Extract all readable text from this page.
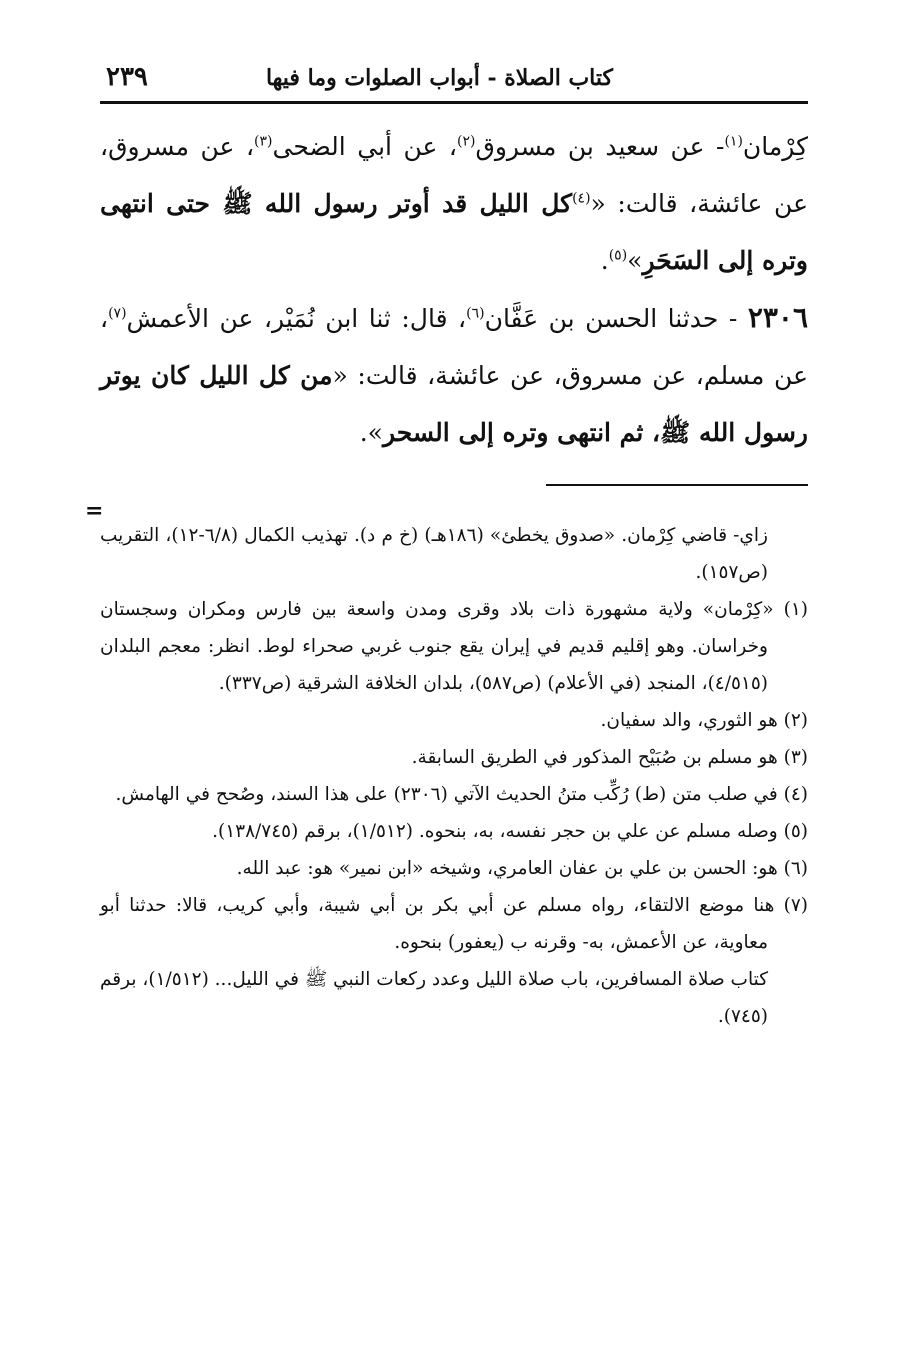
كتاب الصلاة - أبواب الصلوات وما فيها
٢٣٩

كِرْمان$^{(١)}$- عن سعيد بن مسروق$^{(٢)}$، عن أبي الضحى$^{(٣)}$، عن مسروق، عن عائشة، قالت: «$^{(٤)}$كل الليل قد أوتر رسول الله ﷺ حتى انتهى وتره إلى السَحَرِ»$^{(٥)}$.

٢٣٠٦ - حدثنا الحسن بن عَفَّان$^{(٦)}$، قال: ثنا ابن نُمَيْر، عن الأعمش$^{(٧)}$، عن مسلم، عن مسروق، عن عائشة، قالت: «من كل الليل كان يوتر رسول الله ﷺ، ثم انتهى وتره إلى السحر».

=

زاي- قاضي كِرْمان. «صدوق يخطئ» (١٨٦هـ) (خ م د). تهذيب الكمال (٦/٨-١٢)، التقريب (ص١٥٧).

(١) «كِرْمان» ولاية مشهورة ذات بلاد وقرى ومدن واسعة بين فارس ومكران وسجستان وخراسان. وهو إقليم قديم في إيران يقع جنوب غربي صحراء لوط. انظر: معجم البلدان (٤/٥١٥)، المنجد (في الأعلام) (ص٥٨٧)، بلدان الخلافة الشرقية (ص٣٣٧).

(٢) هو الثوري، والد سفيان.

(٣) هو مسلم بن صُبَيْح المذكور في الطريق السابقة.

(٤) في صلب متن (ط) رُكِّب متنُ الحديث الآتي (٢٣٠٦) على هذا السند، وصُحح في الهامش.

(٥) وصله مسلم عن علي بن حجر نفسه، به، بنحوه. (١/٥١٢)، برقم (١٣٨/٧٤٥).

(٦) هو: الحسن بن علي بن عفان العامري، وشيخه «ابن نمير» هو: عبد الله.

(٧) هنا موضع الالتقاء، رواه مسلم عن أبي بكر بن أبي شيبة، وأبي كريب، قالا: حدثنا أبو معاوية، عن الأعمش، به- وقرنه ب (يعفور) بنحوه.

كتاب صلاة المسافرين، باب صلاة الليل وعدد ركعات النبي ﷺ في الليل... (١/٥١٢)، برقم (٧٤٥).
